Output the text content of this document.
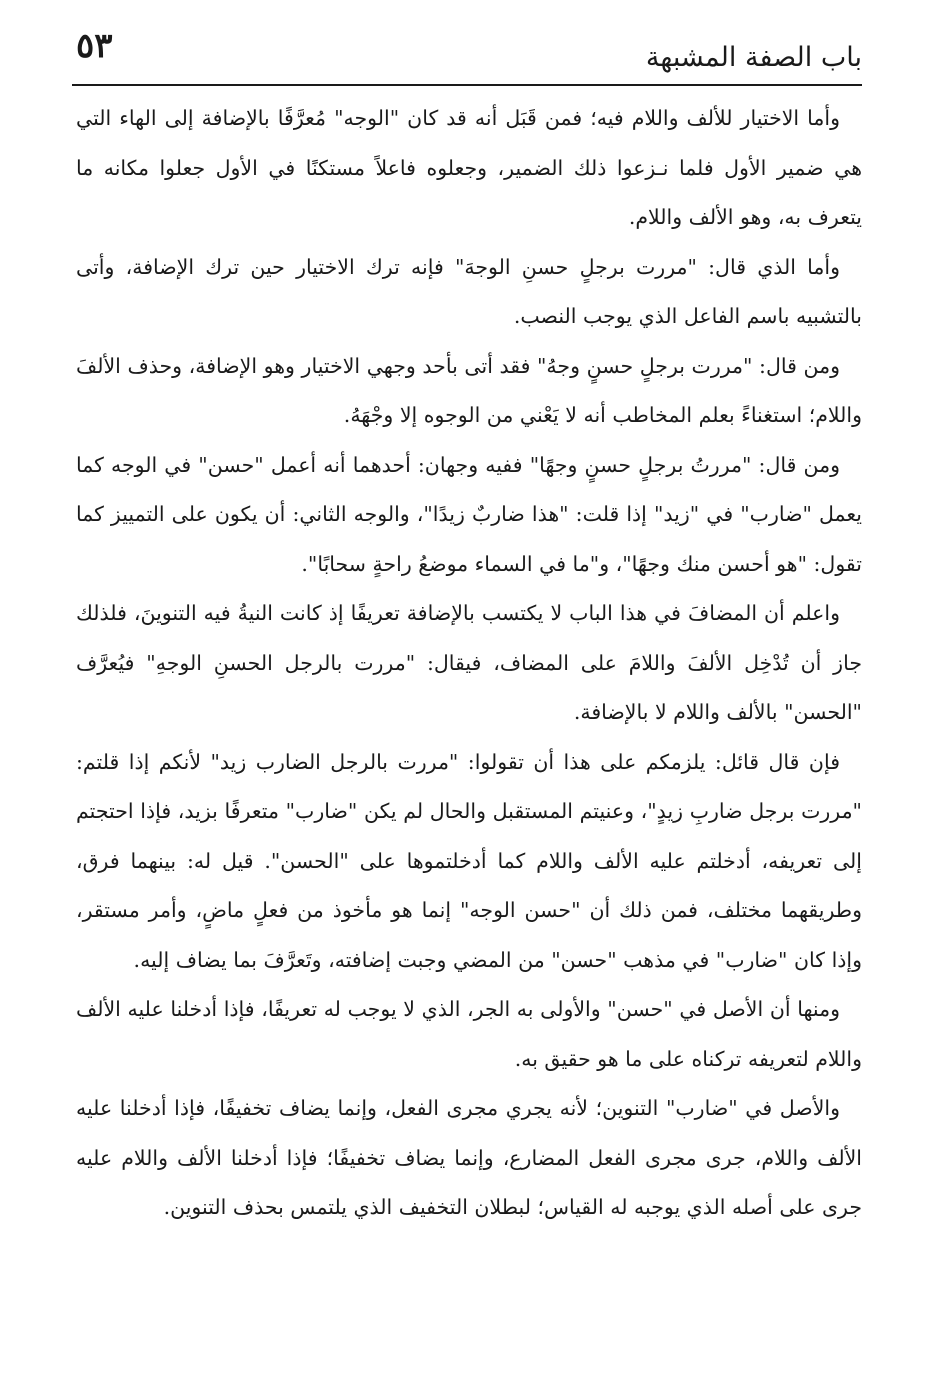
باب الصفة المشبهة
٥٣

وأما الاختيار للألف واللام فيه؛ فمن قَبَل أنه قد كان "الوجه" مُعرَّفًا بالإضافة إلى الهاء التي هي ضمير الأول فلما نـزعوا ذلك الضمير، وجعلوه فاعلاً مستكنًا في الأول جعلوا مكانه ما يتعرف به، وهو الألف واللام.

وأما الذي قال: "مررت برجلٍ حسنِ الوجهَ" فإنه ترك الاختيار حين ترك الإضافة، وأتى بالتشبيه باسم الفاعل الذي يوجب النصب.

ومن قال: "مررت برجلٍ حسنٍ وجهُ" فقد أتى بأحد وجهي الاختيار وهو الإضافة، وحذف الألفَ واللام؛ استغناءً بعلم المخاطب أنه لا يَعْني من الوجوه إلا وجْهَهُ.

ومن قال: "مررتُ برجلٍ حسنٍ وجهًا" ففيه وجهان: أحدهما أنه أعمل "حسن" في الوجه كما يعمل "ضارب" في "زيد" إذا قلت: "هذا ضاربٌ زيدًا"، والوجه الثاني: أن يكون على التمييز كما تقول: "هو أحسن منك وجهًا"، و"ما في السماء موضعُ راحةٍ سحابًا".

واعلم أن المضافَ في هذا الباب لا يكتسب بالإضافة تعريفًا إذ كانت النيةُ فيه التنوينَ، فلذلك جاز أن تُدْخِل الألفَ واللامَ على المضاف، فيقال: "مررت بالرجل الحسنِ الوجهِ" فيُعرَّف "الحسن" بالألف واللام لا بالإضافة.

فإن قال قائل: يلزمكم على هذا أن تقولوا: "مررت بالرجل الضارب زيد" لأنكم إذا قلتم: "مررت برجل ضاربِ زيدٍ"، وعنيتم المستقبل والحال لم يكن "ضارب" متعرفًا بزيد، فإذا احتجتم إلى تعريفه، أدخلتم عليه الألف واللام كما أدخلتموها على "الحسن". قيل له: بينهما فرق، وطريقهما مختلف، فمن ذلك أن "حسن الوجه" إنما هو مأخوذ من فعلٍ ماضٍ، وأمر مستقر، وإذا كان "ضارب" في مذهب "حسن" من المضي وجبت إضافته، وتَعرَّفَ بما يضاف إليه.

ومنها أن الأصل في "حسن" والأولى به الجر، الذي لا يوجب له تعريفًا، فإذا أدخلنا عليه الألف واللام لتعريفه تركناه على ما هو حقيق به.

والأصل في "ضارب" التنوين؛ لأنه يجري مجرى الفعل، وإنما يضاف تخفيفًا، فإذا أدخلنا عليه الألف واللام، جرى مجرى الفعل المضارع، وإنما يضاف تخفيفًا؛ فإذا أدخلنا الألف واللام عليه جرى على أصله الذي يوجبه له القياس؛ لبطلان التخفيف الذي يلتمس بحذف التنوين.
